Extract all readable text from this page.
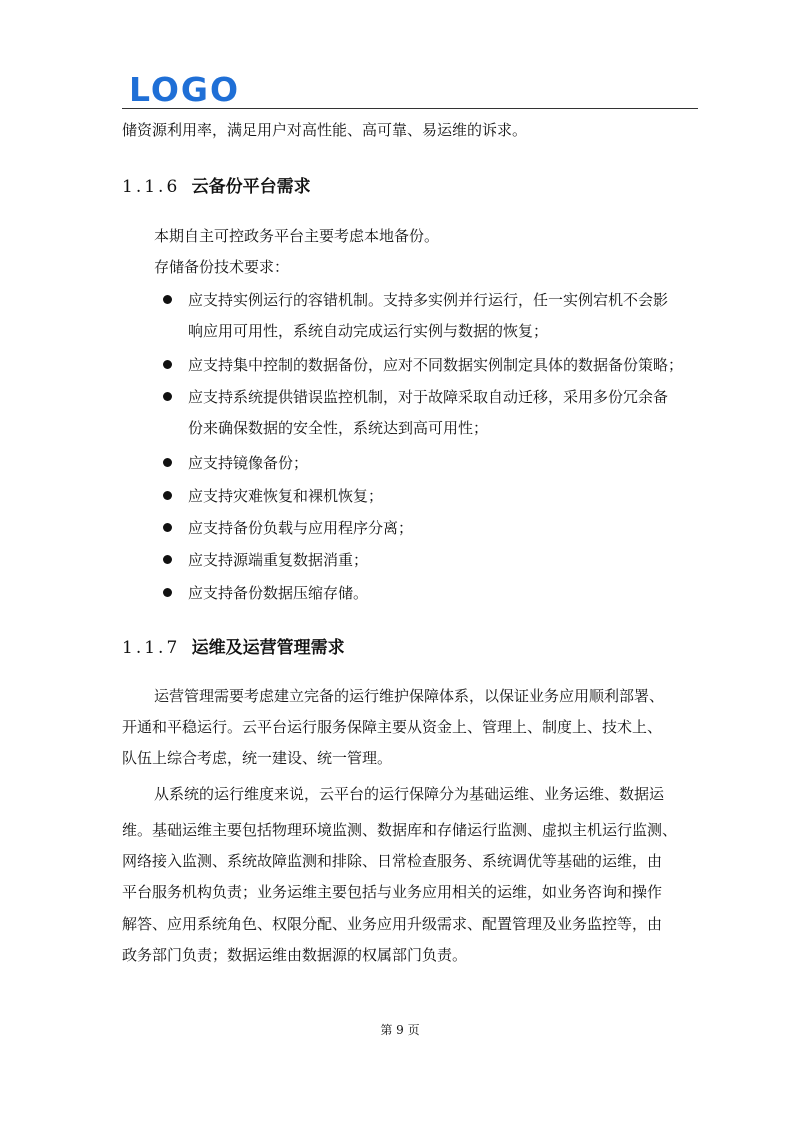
LOGO
储资源利用率，满足用户对高性能、高可靠、易运维的诉求。
1.1.6 云备份平台需求
本期自主可控政务平台主要考虑本地备份。
存储备份技术要求：
应支持实例运行的容错机制。支持多实例并行运行，任一实例宕机不会影
响应用可用性，系统自动完成运行实例与数据的恢复；
应支持集中控制的数据备份，应对不同数据实例制定具体的数据备份策略；
应支持系统提供错误监控机制，对于故障采取自动迁移，采用多份冗余备
份来确保数据的安全性，系统达到高可用性；
应支持镜像备份；
应支持灾难恢复和裸机恢复；
应支持备份负载与应用程序分离；
应支持源端重复数据消重；
应支持备份数据压缩存储。
1.1.7 运维及运营管理需求
运营管理需要考虑建立完备的运行维护保障体系，以保证业务应用顺利部署、
开通和平稳运行。云平台运行服务保障主要从资金上、管理上、制度上、技术上、
队伍上综合考虑，统一建设、统一管理。
从系统的运行维度来说，云平台的运行保障分为基础运维、业务运维、数据运
维。基础运维主要包括物理环境监测、数据库和存储运行监测、虚拟主机运行监测、
网络接入监测、系统故障监测和排除、日常检查服务、系统调优等基础的运维，由
平台服务机构负责；业务运维主要包括与业务应用相关的运维，如业务咨询和操作
解答、应用系统角色、权限分配、业务应用升级需求、配置管理及业务监控等，由
政务部门负责；数据运维由数据源的权属部门负责。
第 9 页
